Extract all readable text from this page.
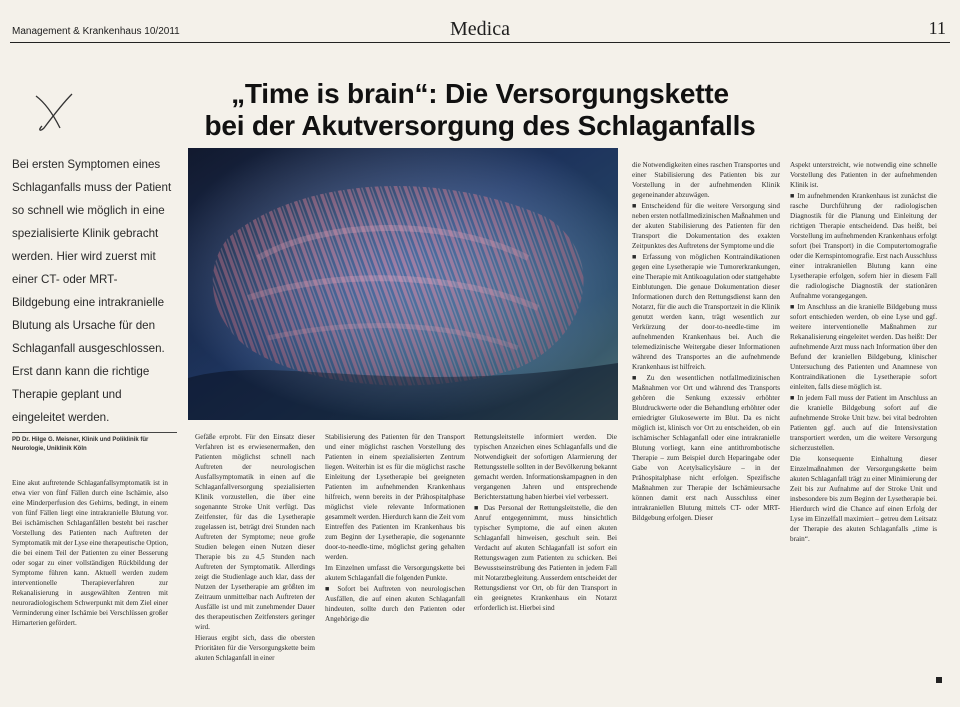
Management & Krankenhaus 10/2011	Medica	11
„Time is brain“: Die Versorgungskette
bei der Akutversorgung des Schlaganfalls
Bei ersten Symptomen eines Schlaganfalls muss der Patient so schnell wie möglich in eine spezialisierte Klinik gebracht werden. Hier wird zuerst mit einer CT- oder MRT-Bildgebung eine intrakranielle Blutung als Ursache für den Schlaganfall ausgeschlossen. Erst dann kann die richtige Therapie geplant und eingeleitet werden.
PD Dr. Hilge G. Meisner, Klinik und Poliklinik für Neurologie, Uniklinik Köln

Eine akut auftretende Schlaganfallsymptomatik ist in etwa vier von fünf Fällen durch eine Ischämie, also eine Minderperfusion des Gehirns, bedingt, in einem von fünf Fällen liegt eine intrakranielle Blutung vor. Bei ischämischen Schlaganfällen besteht bei rascher Vorstellung des Patienten nach Auftreten der Symptomatik mit der Lyse eine therapeutische Option, die bei einem Teil der Patienten zu einer Besserung oder sogar zu einer vollständigen Rückbildung der Symptome führen kann. Aktuell werden zudem interventionelle Therapieverfahren zur Rekanalisierung in ausgewählten Zentren mit neuroradiologischem Schwerpunkt mit dem Ziel einer Verminderung einer Ischämie bei Verschlüssen großer Hirnarterien gefördert.

Gefäße erprobt. Für den Einsatz dieser Verfahren ist es erwiesenermaßen, den Patienten möglichst schnell nach Auftreten der neurologischen Ausfallsymptomatik in einen auf die Schlaganfallversorgung spezialisierten Klinik vorzustellen, die über eine sogenannte Stroke Unit verfügt. Das Zeitfenster, für das die Lysetherapie zugelassen ist, beträgt drei Stunden nach Auftreten der Symptome; neue große Studien belegen einen Nutzen dieser Therapie bis zu 4,5 Stunden nach Auftreten der Symptomatik. Allerdings zeigt die Studienlage auch klar, dass der Nutzen der Lysetherapie am größten im Zeitraum unmittelbar nach Auftreten der Ausfälle ist und mit zunehmender Dauer des therapeutischen Zeitfensters geringer wird.

Hieraus ergibt sich, dass die obersten Prioritäten für die Versorgungskette beim akuten Schlaganfall in einer

Stabilisierung des Patienten für den Transport und einer möglichst raschen Vorstellung des Patienten in einem spezialisierten Zentrum liegen. Weiterhin ist es für die möglichst rasche Einleitung der Lysetherapie bei geeigneten Patienten im aufnehmenden Krankenhaus hilfreich, wenn bereits in der Prähospitalphase möglichst viele relevante Informationen gesammelt werden. Hierdurch kann die Zeit vom Eintreffen des Patienten im Krankenhaus bis zum Beginn der Lysetherapie, die sogenannte door-to-needle-time, möglichst gering gehalten werden.

Im Einzelnen umfasst die Versorgungskette bei akutem Schlaganfall die folgenden Punkte.

■ Sofort bei Auftreten von neurologischen Ausfällen, die auf einen akuten Schlaganfall hindeuten, sollte durch den Patienten oder Angehörige die

Rettungsleitstelle informiert werden. Die typischen Anzeichen eines Schlaganfalls und die Notwendigkeit der sofortigen Alarmierung der Rettungsstelle sollten in der Bevölkerung bekannt gemacht werden. Informationskampagnen in den vergangenen Jahren und entsprechende Berichterstattung haben hierbei viel verbessert.

■ Das Personal der Rettungsleitstelle, die den Anruf entgegennimmt, muss hinsichtlich typischer Symptome, die auf einen akuten Schlaganfall hinweisen, geschult sein. Bei Verdacht auf akuten Schlaganfall ist sofort ein Rettungswagen zum Patienten zu schicken. Bei Bewusstseinstrübung des Patienten in jedem Fall mit Notarztbegleitung. Ausserdem entscheidet der Rettungsdienst vor Ort, ob für den Transport in ein geeignetes Krankenhaus ein Notarzt erforderlich ist. Hierbei sind

die Notwendigkeiten eines raschen Transportes und einer Stabilisierung des Patienten bis zur Vorstellung in der aufnehmenden Klinik gegeneinander abzuwägen.

■ Entscheidend für die weitere Versorgung sind neben ersten notfallmedizinischen Maßnahmen und der akuten Stabilisierung des Patienten für den Transport die Dokumentation des exakten Zeitpunktes des Auftretens der Symptome und die

■ Erfassung von möglichen Kontraindikationen gegen eine Lysetherapie wie Tumorerkrankungen, eine Therapie mit Antikoagulation oder stattgehabte Einblutungen. Die genaue Dokumentation dieser Informationen durch den Rettungsdienst kann den Notarzt, für die auch die Transportzeit in die Klinik genutzt werden kann, trägt wesentlich zur Verkürzung der door-to-needle-time im aufnehmenden Krankenhaus bei. Auch die telemedizinische Weitergabe dieser Informationen während des Transportes an die aufnehmende Krankenhaus ist hilfreich.

■ Zu den wesentlichen notfallmedizinischen Maßnahmen vor Ort und während des Transports gehören die Senkung exzessiv erhöhter Blutdruckwerte oder die Behandlung erhöhter oder erniedrigter Glukosewerte im Blut. Da es nicht möglich ist, klinisch vor Ort zu entscheiden, ob ein ischämischer Schlaganfall oder eine intrakranielle Blutung vorliegt, kann eine antithrombotische Therapie – zum Beispiel durch Heparingabe oder Gabe von Acetylsalicylsäure – in der Prähospitalphase nicht erfolgen. Spezifische Maßnahmen zur Therapie der Ischämieursache können damit erst nach Ausschluss einer intrakraniellen Blutung mittels CT- oder MRT-Bildgebung erfolgen. Dieser

Aspekt unterstreicht, wie notwendig eine schnelle Vorstellung des Patienten in der aufnehmenden Klinik ist.

■ Im aufnehmenden Krankenhaus ist zunächst die rasche Durchführung der radiologischen Diagnostik für die Planung und Einleitung der richtigen Therapie entscheidend. Das heißt, bei Vorstellung im aufnehmenden Krankenhaus erfolgt sofort (bei Transport) in die Computertomografie oder die Kernspintomografie. Erst nach Ausschluss einer intrakraniellen Blutung kann eine Lysetherapie erfolgen, sofern hier in diesem Fall die radiologische Diagnostik der stationären Aufnahme vorangegangen.

■ Im Anschluss an die kranielle Bildgebung muss sofort entschieden werden, ob eine Lyse und ggf. weitere interventionelle Maßnahmen zur Rekanalisierung eingeleitet werden. Das heißt: Der aufnehmende Arzt muss nach Information über den Befund der kraniellen Bildgebung, klinischer Untersuchung des Patienten und Anamnese von Kontraindikationen die Lysetherapie sofort einleiten, falls diese möglich ist.

■ In jedem Fall muss der Patient im Anschluss an die kranielle Bildgebung sofort auf die aufnehmende Stroke Unit bzw. bei vital bedrohten Patienten ggf. auch auf die Intensivstation transportiert werden, um die weitere Versorgung sicherzustellen.

Die konsequente Einhaltung dieser Einzelmaßnahmen der Versorgungskette beim akuten Schlaganfall trägt zu einer Minimierung der Zeit bis zur Aufnahme auf der Stroke Unit und insbesondere bis zum Beginn der Lysetherapie bei. Hierdurch wird die Chance auf einen Erfolg der Lyse im Einzelfall maximiert – getreu dem Leitsatz der Therapie des akuten Schlaganfalls „time is brain“.
